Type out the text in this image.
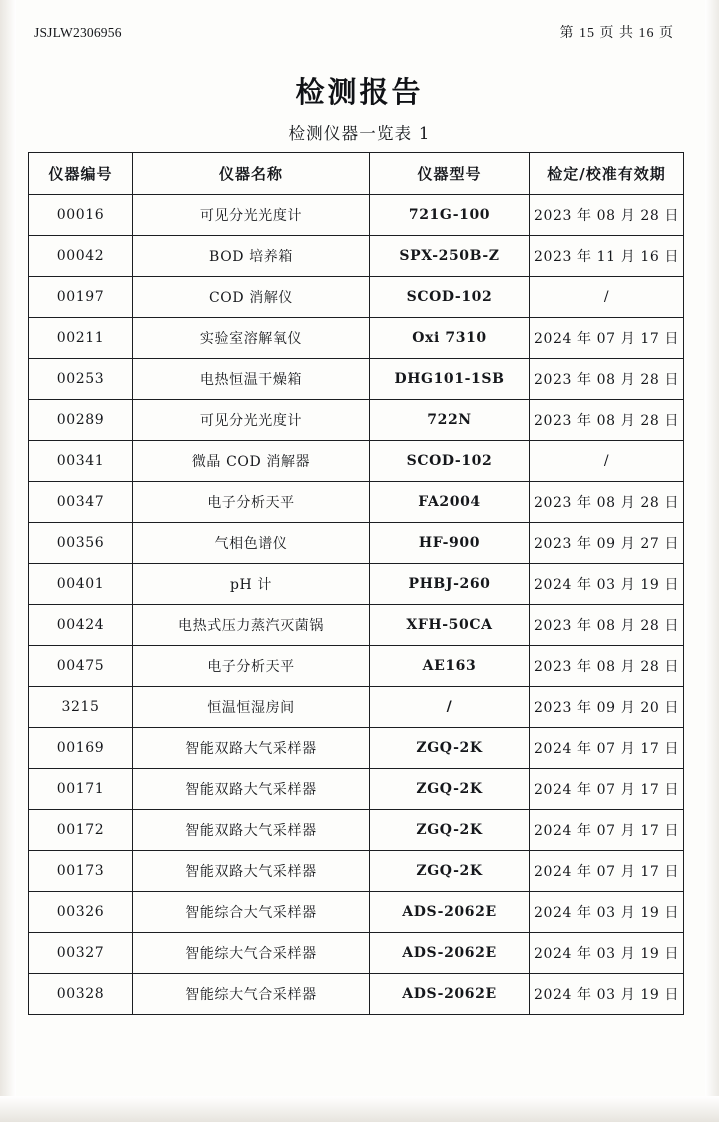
JSJLW2306956	第 15 页 共 16 页
检测报告
检测仪器一览表 1
仪器编号	仪器名称	仪器型号	检定/校准有效期
00016	可见分光光度计	721G-100	2023 年 08 月 28 日
00042	BOD 培养箱	SPX-250B-Z	2023 年 11 月 16 日
00197	COD 消解仪	SCOD-102	/
00211	实验室溶解氧仪	Oxi 7310	2024 年 07 月 17 日
00253	电热恒温干燥箱	DHG101-1SB	2023 年 08 月 28 日
00289	可见分光光度计	722N	2023 年 08 月 28 日
00341	微晶 COD 消解器	SCOD-102	/
00347	电子分析天平	FA2004	2023 年 08 月 28 日
00356	气相色谱仪	HF-900	2023 年 09 月 27 日
00401	pH 计	PHBJ-260	2024 年 03 月 19 日
00424	电热式压力蒸汽灭菌锅	XFH-50CA	2023 年 08 月 28 日
00475	电子分析天平	AE163	2023 年 08 月 28 日
3215	恒温恒湿房间	/	2023 年 09 月 20 日
00169	智能双路大气采样器	ZGQ-2K	2024 年 07 月 17 日
00171	智能双路大气采样器	ZGQ-2K	2024 年 07 月 17 日
00172	智能双路大气采样器	ZGQ-2K	2024 年 07 月 17 日
00173	智能双路大气采样器	ZGQ-2K	2024 年 07 月 17 日
00326	智能综合大气采样器	ADS-2062E	2024 年 03 月 19 日
00327	智能综大气合采样器	ADS-2062E	2024 年 03 月 19 日
00328	智能综大气合采样器	ADS-2062E	2024 年 03 月 19 日
